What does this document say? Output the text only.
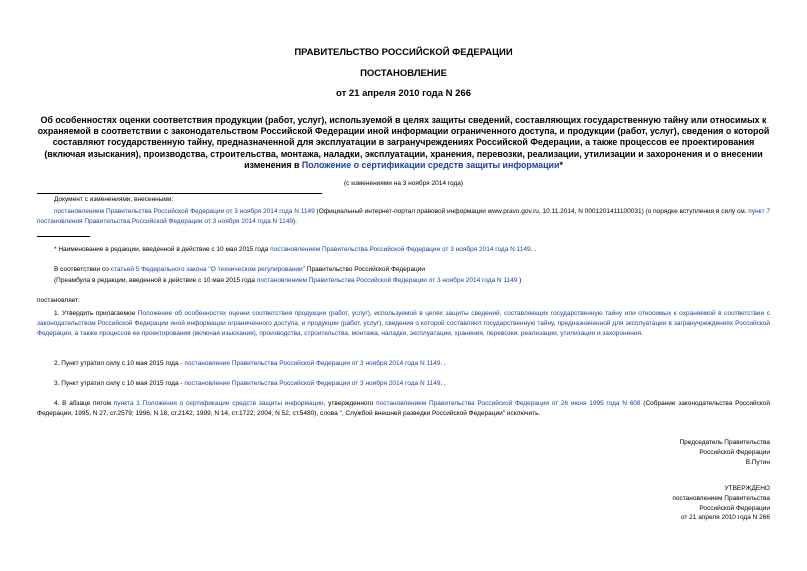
ПРАВИТЕЛЬСТВО РОССИЙСКОЙ ФЕДЕРАЦИИ
ПОСТАНОВЛЕНИЕ
от 21 апреля 2010 года N 266
Об особенностях оценки соответствия продукции (работ, услуг), используемой в целях защиты сведений, составляющих государственную тайну или относимых к охраняемой в соответствии с законодательством Российской Федерации иной информации ограниченного доступа, и продукции (работ, услуг), сведения о которой составляют государственную тайну, предназначенной для эксплуатации в загранучреждениях Российской Федерации, а также процессов ее проектирования (включая изыскания), производства, строительства, монтажа, наладки, эксплуатации, хранения, перевозки, реализации, утилизации и захоронения и о внесении изменения в Положение о сертификации средств защиты информации*
(с изменениями на 3 ноября 2014 года)
Документ с изменениями, внесенными:
постановлением Правительства Российской Федерации от 3 ноября 2014 года N 1149 (Официальный интернет-портал правовой информации www.pravo.gov.ru, 10.11.2014, N 0001201411100031) (о порядке вступления в силу см. пункт 7 постановления Правительства Российской Федерации от 3 ноября 2014 года N 1149).
* Наименование в редакции, введенной в действие с 10 мая 2015 года постановлением Правительства Российской Федерации от 3 ноября 2014 года N 1149. .
В соответствии со статьей 5 Федерального закона "О техническом регулировании" Правительство Российской Федерации
(Преамбула в редакции, введенной в действие с 10 мая 2015 года постановлением Правительства Российской Федерации от 3 ноября 2014 года N 1149 )
постановляет:
1. Утвердить прилагаемое Положение об особенностях оценки соответствия продукции (работ, услуг), используемой в целях защиты сведений, составляющих государственную тайну или относимых к охраняемой в соответствии с законодательством Российской Федерации иной информации ограниченного доступа, и продукции (работ, услуг), сведения о которой составляют государственную тайну, предназначенной для эксплуатации в загранучреждениях Российской Федерации, а также процессов ее проектирования (включая изыскания), производства, строительства, монтажа, наладки, эксплуатации, хранения, перевозки, реализации, утилизации и захоронения.
2. Пункт утратил силу с 10 мая 2015 года - постановление Правительства Российской Федерации от 3 ноября 2014 года N 1149. .
3. Пункт утратил силу с 10 мая 2015 года - постановление Правительства Российской Федерации от 3 ноября 2014 года N 1149. .
4. В абзаце пятом пункта 1 Положения о сертификации средств защиты информации, утвержденного постановлением Правительства Российской Федерации от 26 июня 1995 года N 608 (Собрание законодательства Российской Федерации, 1995, N 27, ст.2579; 1996, N 18, ст.2142; 1999, N 14, ст.1722; 2004, N 52, ст.5480), слова ", Службой внешней разведки Российской Федерации" исключить.
Председатель Правительства
Российской Федерации
В.Путин
УТВЕРЖДЕНО
постановлением Правительства
Российской Федерации
от 21 апреля 2010 года N 266
